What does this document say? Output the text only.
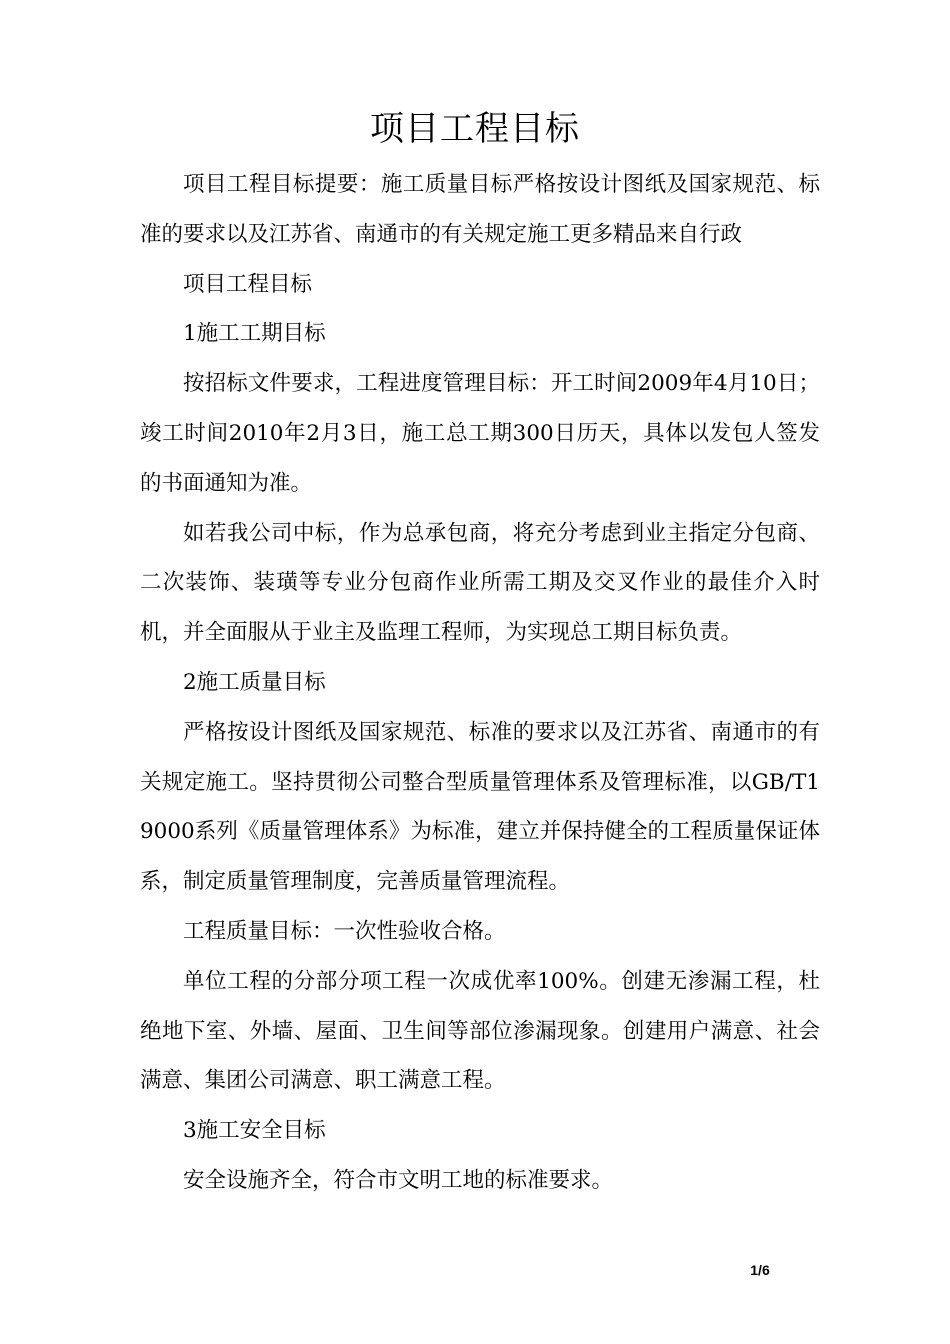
项目工程目标

项目工程目标提要：施工质量目标严格按设计图纸及国家规范、标准的要求以及江苏省、南通市的有关规定施工更多精品来自行政

项目工程目标

1施工工期目标

按招标文件要求，工程进度管理目标：开工时间2009年4月10日；竣工时间2010年2月3日，施工总工期300日历天，具体以发包人签发的书面通知为准。

如若我公司中标，作为总承包商，将充分考虑到业主指定分包商、二次装饰、装璜等专业分包商作业所需工期及交叉作业的最佳介入时机，并全面服从于业主及监理工程师，为实现总工期目标负责。

2施工质量目标

严格按设计图纸及国家规范、标准的要求以及江苏省、南通市的有关规定施工。坚持贯彻公司整合型质量管理体系及管理标准，以GB/T19000系列《质量管理体系》为标准，建立并保持健全的工程质量保证体系，制定质量管理制度，完善质量管理流程。

工程质量目标：一次性验收合格。

单位工程的分部分项工程一次成优率100%。创建无渗漏工程，杜绝地下室、外墙、屋面、卫生间等部位渗漏现象。创建用户满意、社会满意、集团公司满意、职工满意工程。

3施工安全目标

安全设施齐全，符合市文明工地的标准要求。

1/6
